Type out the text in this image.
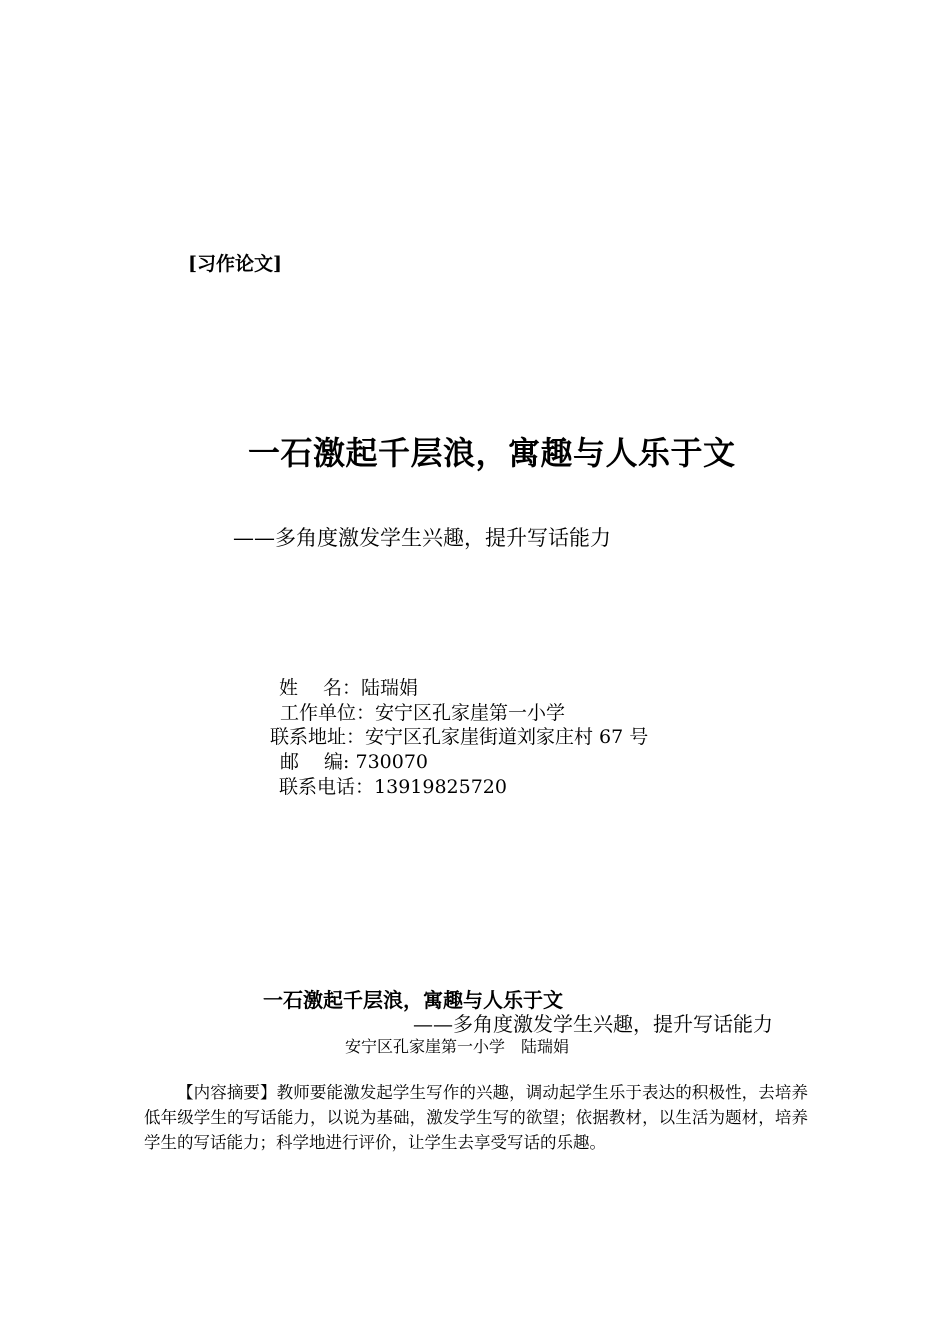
[习作论文]
一石激起千层浪，寓趣与人乐于文
——多角度激发学生兴趣，提升写话能力
姓　 名：陆瑞娟
工作单位：安宁区孔家崖第一小学
联系地址：安宁区孔家崖街道刘家庄村 67 号
邮　 编: 730070
联系电话：13919825720
一石激起千层浪，寓趣与人乐于文
——多角度激发学生兴趣，提升写话能力
安宁区孔家崖第一小学　陆瑞娟
【内容摘要】教师要能激发起学生写作的兴趣，调动起学生乐于表达的积极性，去培养低年级学生的写话能力，以说为基础，激发学生写的欲望；依据教材，以生活为题材，培养学生的写话能力；科学地进行评价，让学生去享受写话的乐趣。
